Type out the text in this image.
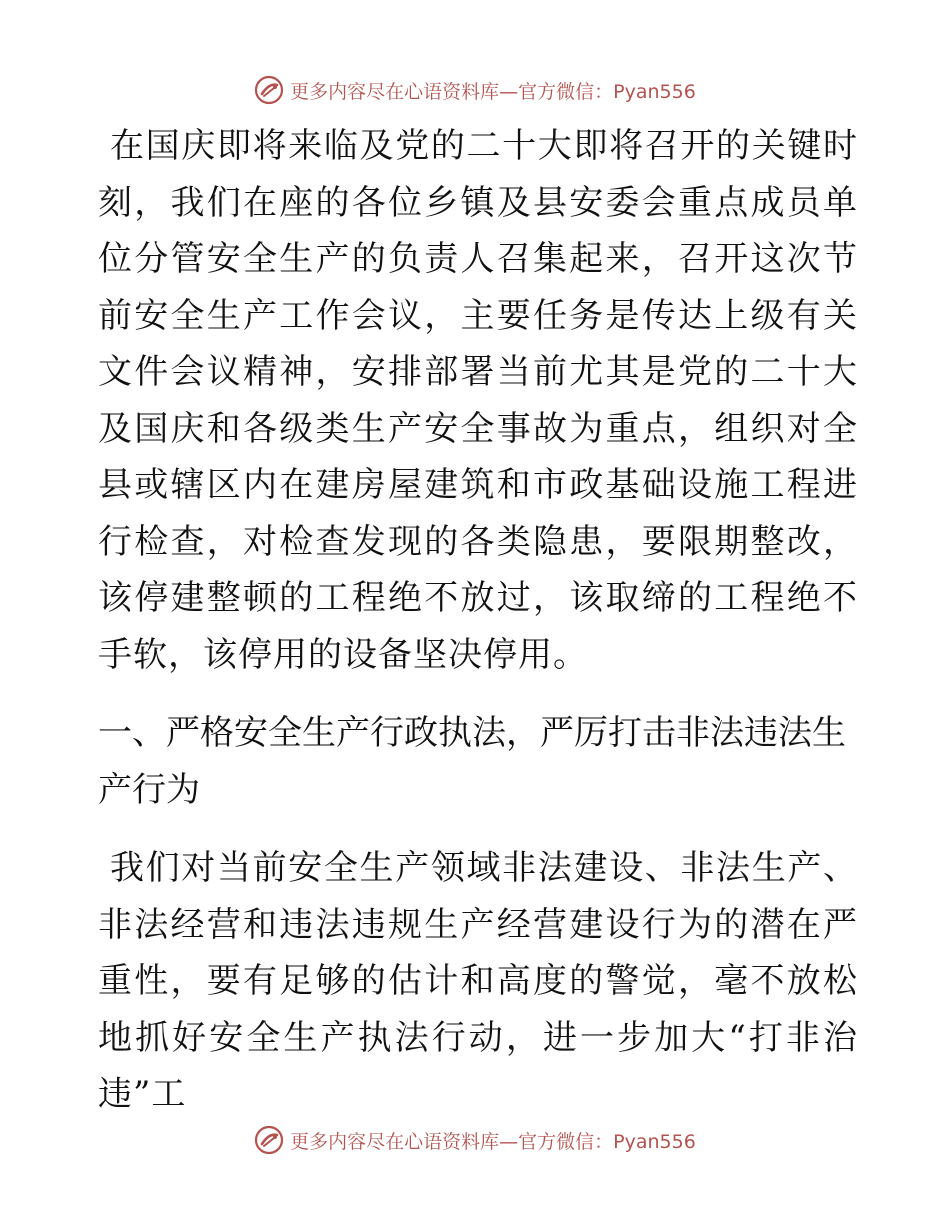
更多内容尽在心语资料库—官方微信：Pyan556

在国庆即将来临及党的二十大即将召开的关键时刻，我们在座的各位乡镇及县安委会重点成员单位分管安全生产的负责人召集起来，召开这次节前安全生产工作会议，主要任务是传达上级有关文件会议精神，安排部署当前尤其是党的二十大及国庆和各级类生产安全事故为重点，组织对全县或辖区内在建房屋建筑和市政基础设施工程进行检查，对检查发现的各类隐患，要限期整改，该停建整顿的工程绝不放过，该取缔的工程绝不手软，该停用的设备坚决停用。

一、严格安全生产行政执法，严厉打击非法违法生产行为

我们对当前安全生产领域非法建设、非法生产、非法经营和违法违规生产经营建设行为的潜在严重性，要有足够的估计和高度的警觉，毫不放松地抓好安全生产执法行动，进一步加大“打非治违”工

更多内容尽在心语资料库—官方微信：Pyan556
